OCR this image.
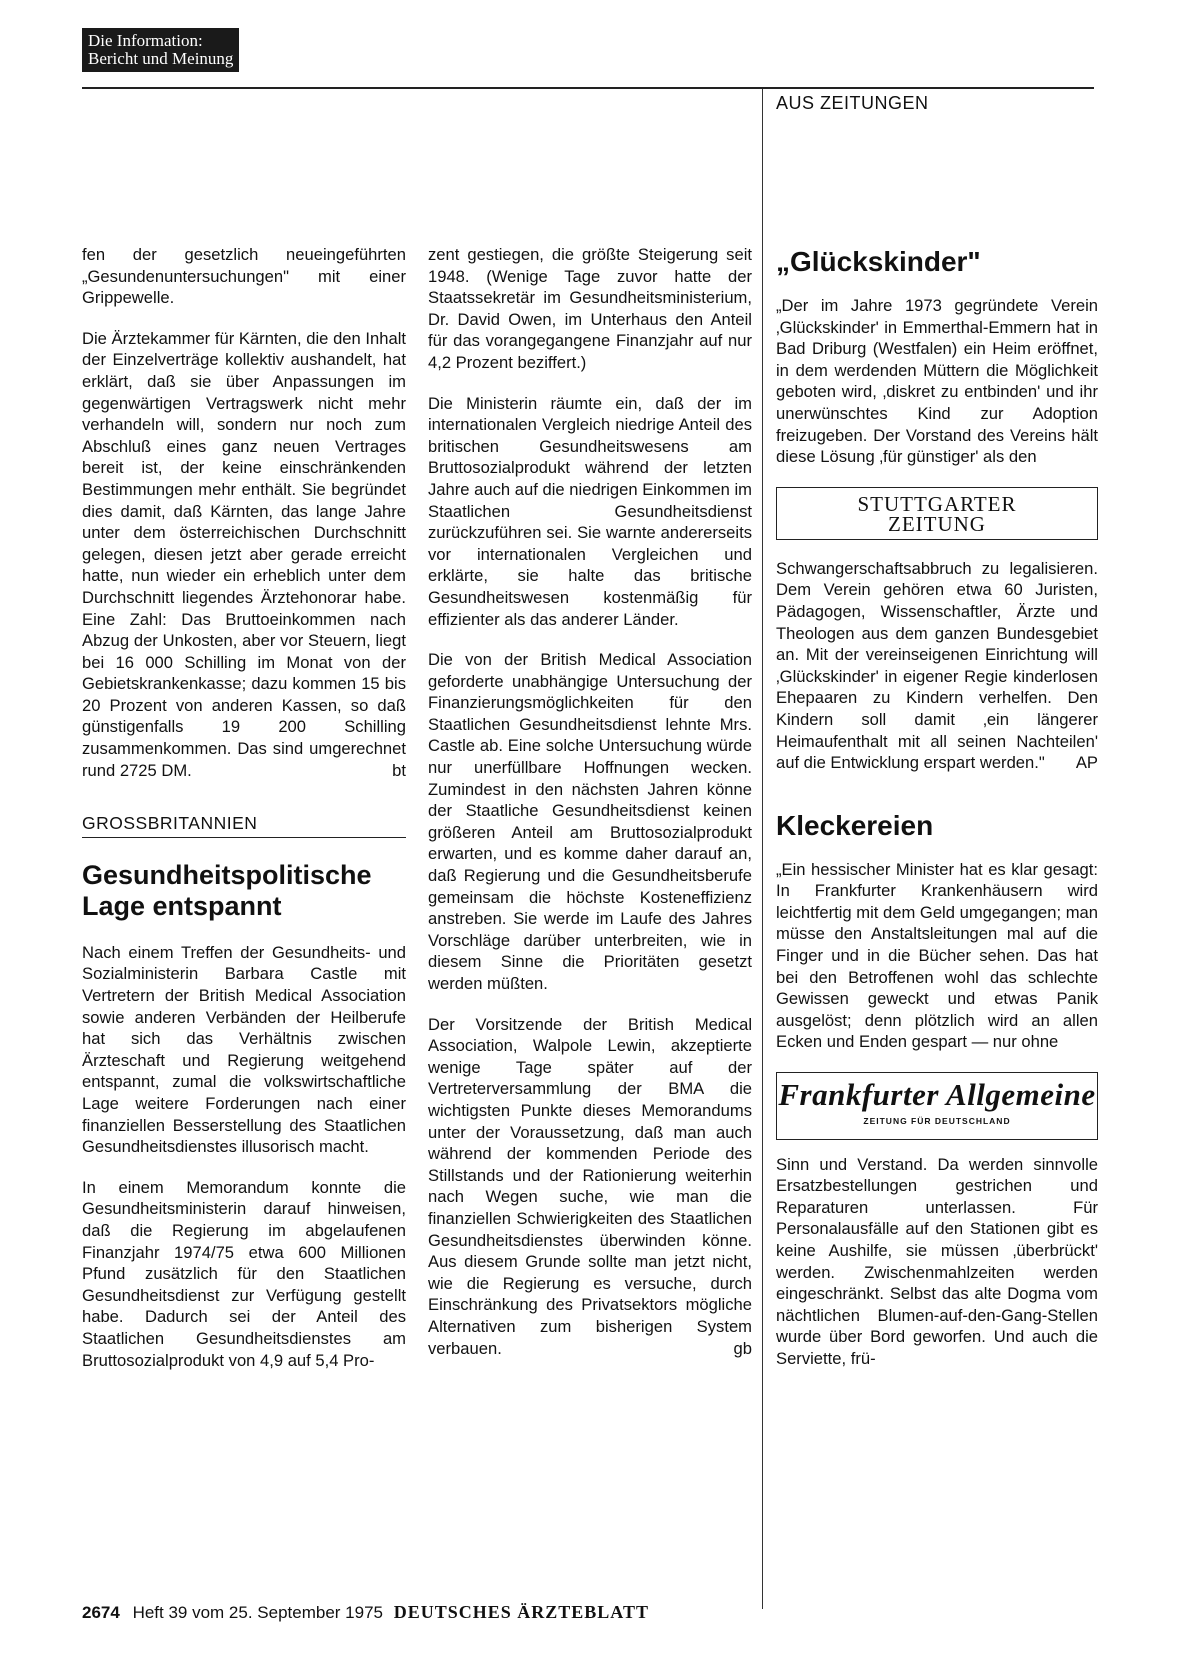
Die Information:
Bericht und Meinung
AUS ZEITUNGEN

fen der gesetzlich neueingeführten „Gesundenuntersuchungen" mit einer Grippewelle.

Die Ärztekammer für Kärnten, die den Inhalt der Einzelverträge kollektiv aushandelt, hat erklärt, daß sie über Anpassungen im gegenwärtigen Vertragswerk nicht mehr verhandeln will, sondern nur noch zum Abschluß eines ganz neuen Vertrages bereit ist, der keine einschränkenden Bestimmungen mehr enthält. Sie begründet dies damit, daß Kärnten, das lange Jahre unter dem österreichischen Durchschnitt gelegen, diesen jetzt aber gerade erreicht hatte, nun wieder ein erheblich unter dem Durchschnitt liegendes Ärztehonorar habe. Eine Zahl: Das Bruttoeinkommen nach Abzug der Unkosten, aber vor Steuern, liegt bei 16 000 Schilling im Monat von der Gebietskrankenkasse; dazu kommen 15 bis 20 Prozent von anderen Kassen, so daß günstigenfalls 19 200 Schilling zusammenkommen. Das sind umgerechnet rund 2725 DM.	bt

GROSSBRITANNIEN
Gesundheitspolitische Lage entspannt

Nach einem Treffen der Gesundheits- und Sozialministerin Barbara Castle mit Vertretern der British Medical Association sowie anderen Verbänden der Heilberufe hat sich das Verhältnis zwischen Ärzteschaft und Regierung weitgehend entspannt, zumal die volkswirtschaftliche Lage weitere Forderungen nach einer finanziellen Besserstellung des Staatlichen Gesundheitsdienstes illusorisch macht.

In einem Memorandum konnte die Gesundheitsministerin darauf hinweisen, daß die Regierung im abgelaufenen Finanzjahr 1974/75 etwa 600 Millionen Pfund zusätzlich für den Staatlichen Gesundheitsdienst zur Verfügung gestellt habe. Dadurch sei der Anteil des Staatlichen Gesundheitsdienstes am Bruttosozialprodukt von 4,9 auf 5,4 Pro-

zent gestiegen, die größte Steigerung seit 1948. (Wenige Tage zuvor hatte der Staatssekretär im Gesundheitsministerium, Dr. David Owen, im Unterhaus den Anteil für das vorangegangene Finanzjahr auf nur 4,2 Prozent beziffert.)

Die Ministerin räumte ein, daß der im internationalen Vergleich niedrige Anteil des britischen Gesundheitswesens am Bruttosozialprodukt während der letzten Jahre auch auf die niedrigen Einkommen im Staatlichen Gesundheitsdienst zurückzuführen sei. Sie warnte andererseits vor internationalen Vergleichen und erklärte, sie halte das britische Gesundheitswesen kostenmäßig für effizienter als das anderer Länder.

Die von der British Medical Association geforderte unabhängige Untersuchung der Finanzierungsmöglichkeiten für den Staatlichen Gesundheitsdienst lehnte Mrs. Castle ab. Eine solche Untersuchung würde nur unerfüllbare Hoffnungen wecken. Zumindest in den nächsten Jahren könne der Staatliche Gesundheitsdienst keinen größeren Anteil am Bruttosozialprodukt erwarten, und es komme daher darauf an, daß Regierung und die Gesundheitsberufe gemeinsam die höchste Kosteneffizienz anstreben. Sie werde im Laufe des Jahres Vorschläge darüber unterbreiten, wie in diesem Sinne die Prioritäten gesetzt werden müßten.

Der Vorsitzende der British Medical Association, Walpole Lewin, akzeptierte wenige Tage später auf der Vertreterversammlung der BMA die wichtigsten Punkte dieses Memorandums unter der Voraussetzung, daß man auch während der kommenden Periode des Stillstands und der Rationierung weiterhin nach Wegen suche, wie man die finanziellen Schwierigkeiten des Staatlichen Gesundheitsdienstes überwinden könne. Aus diesem Grunde sollte man jetzt nicht, wie die Regierung es versuche, durch Einschränkung des Privatsektors mögliche Alternativen zum bisherigen System verbauen.	gb

„Glückskinder"

„Der im Jahre 1973 gegründete Verein ‚Glückskinder' in Emmerthal-Emmern hat in Bad Driburg (Westfalen) ein Heim eröffnet, in dem werdenden Müttern die Möglichkeit geboten wird, ‚diskret zu entbinden' und ihr unerwünschtes Kind zur Adoption freizugeben. Der Vorstand des Vereins hält diese Lösung ‚für günstiger' als den

STUTTGARTER
ZEITUNG

Schwangerschaftsabbruch zu legalisieren. Dem Verein gehören etwa 60 Juristen, Pädagogen, Wissenschaftler, Ärzte und Theologen aus dem ganzen Bundesgebiet an. Mit der vereinseigenen Einrichtung will ‚Glückskinder' in eigener Regie kinderlosen Ehepaaren zu Kindern verhelfen. Den Kindern soll damit ‚ein längerer Heimaufenthalt mit all seinen Nachteilen' auf die Entwicklung erspart werden." AP

Kleckereien

„Ein hessischer Minister hat es klar gesagt: In Frankfurter Krankenhäusern wird leichtfertig mit dem Geld umgegangen; man müsse den Anstaltsleitungen mal auf die Finger und in die Bücher sehen. Das hat bei den Betroffenen wohl das schlechte Gewissen geweckt und etwas Panik ausgelöst; denn plötzlich wird an allen Ecken und Enden gespart — nur ohne

Frankfurter Allgemeine
ZEITUNG FÜR DEUTSCHLAND

Sinn und Verstand. Da werden sinnvolle Ersatzbestellungen gestrichen und Reparaturen unterlassen. Für Personalausfälle auf den Stationen gibt es keine Aushilfe, sie müssen ‚überbrückt' werden. Zwischenmahlzeiten werden eingeschränkt. Selbst das alte Dogma vom nächtlichen Blumen-auf-den-Gang-Stellen wurde über Bord geworfen. Und auch die Serviette, frü-

2674 Heft 39 vom 25. September 1975 DEUTSCHES ÄRZTEBLATT
